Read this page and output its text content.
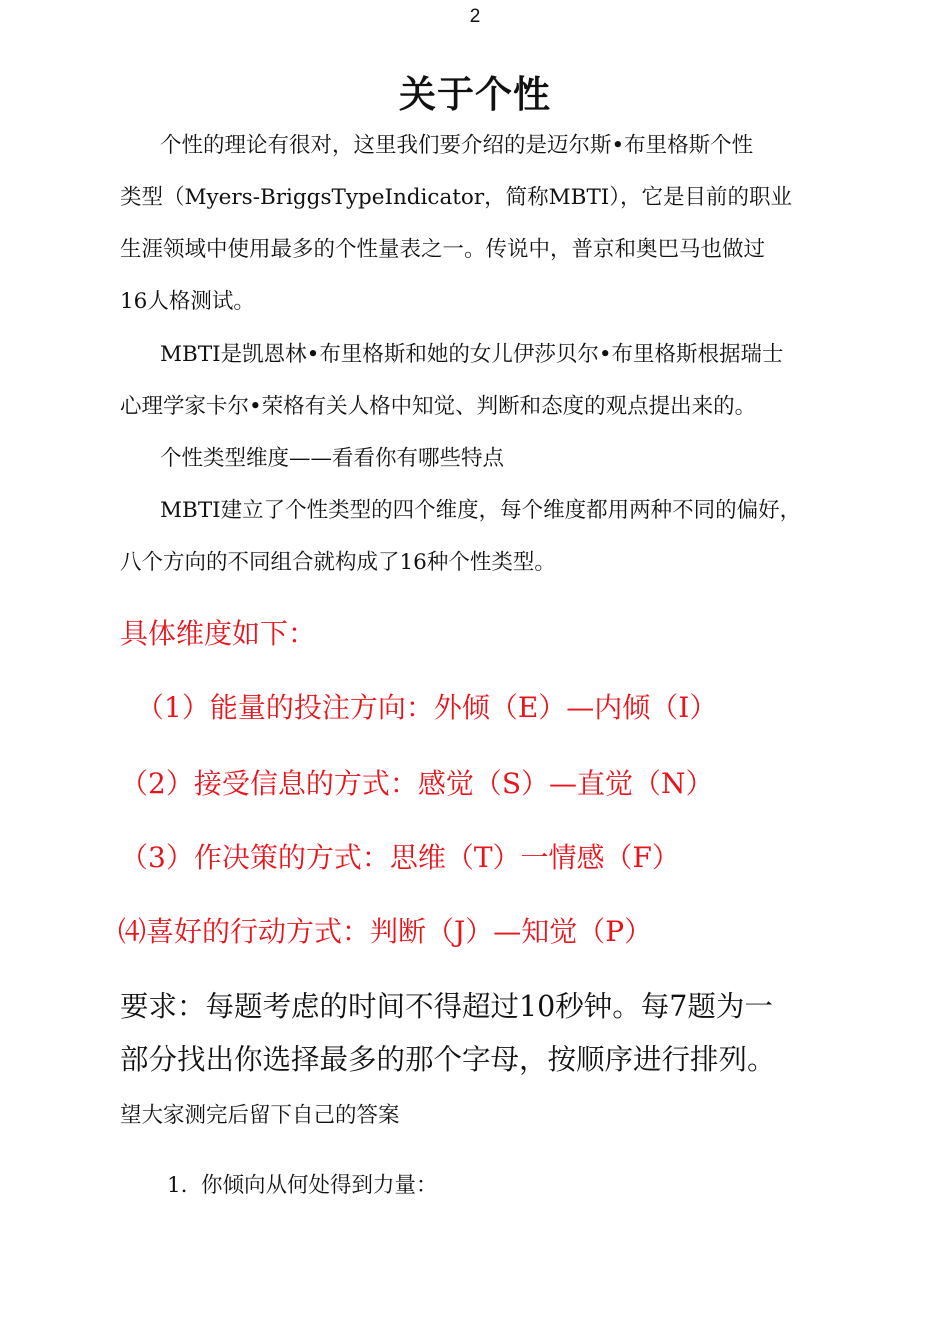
2
关于个性
个性的理论有很对，这里我们要介绍的是迈尔斯•布里格斯个性
类型（Myers-BriggsTypeIndicator，简称MBTI），它是目前的职业
生涯领域中使用最多的个性量表之一。传说中，普京和奥巴马也做过
16人格测试。
MBTI是凯恩林•布里格斯和她的女儿伊莎贝尔•布里格斯根据瑞士
心理学家卡尔•荣格有关人格中知觉、判断和态度的观点提出来的。
个性类型维度——看看你有哪些特点
MBTI建立了个性类型的四个维度，每个维度都用两种不同的偏好，
八个方向的不同组合就构成了16种个性类型。
具体维度如下：
（1）能量的投注方向：外倾（E）—内倾（I）
（2）接受信息的方式：感觉（S）—直觉（N）
（3）作决策的方式：思维（T）一情感（F）
⑷喜好的行动方式：判断（J）—知觉（P）
要求：每题考虑的时间不得超过10秒钟。每7题为一
部分找出你选择最多的那个字母，按顺序进行排列。
望大家测完后留下自己的答案
1. 你倾向从何处得到力量：
